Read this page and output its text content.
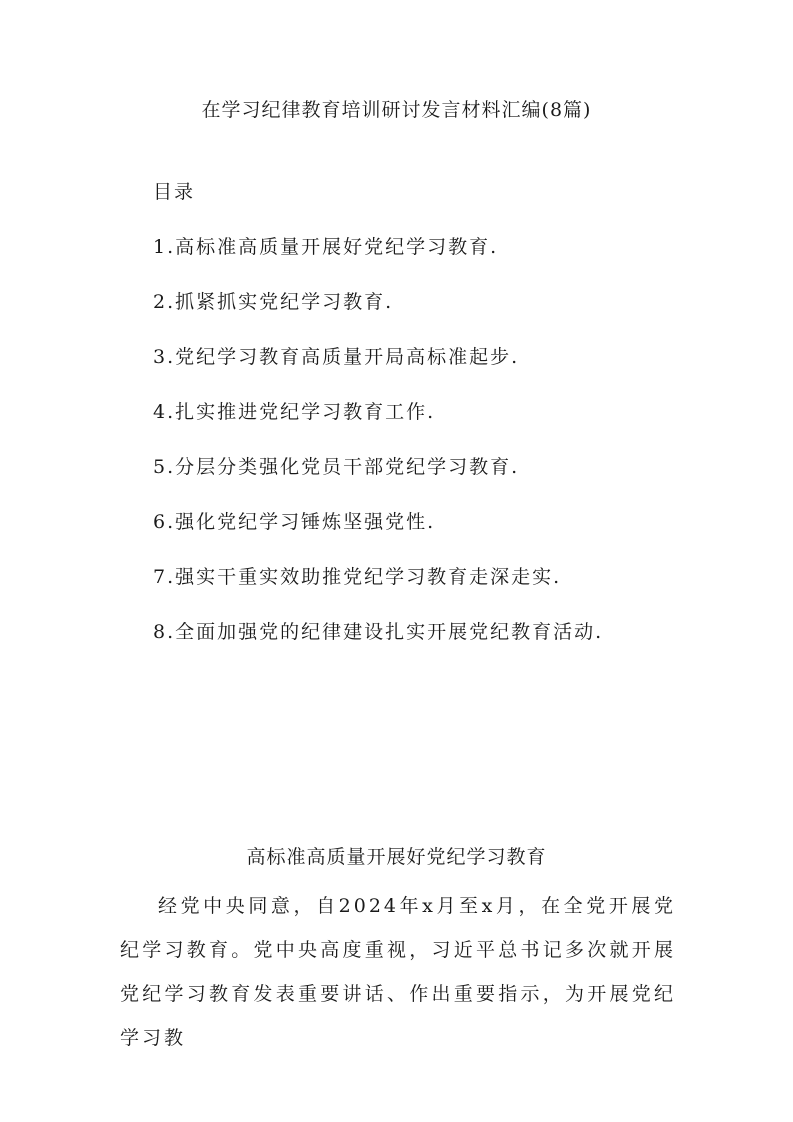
在学习纪律教育培训研讨发言材料汇编(8篇)
目录
1.高标准高质量开展好党纪学习教育.
2.抓紧抓实党纪学习教育.
3.党纪学习教育高质量开局高标准起步.
4.扎实推进党纪学习教育工作.
5.分层分类强化党员干部党纪学习教育.
6.强化党纪学习锤炼坚强党性.
7.强实干重实效助推党纪学习教育走深走实.
8.全面加强党的纪律建设扎实开展党纪教育活动.
高标准高质量开展好党纪学习教育

经党中央同意，自2024年x月至x月，在全党开展党纪学习教育。党中央高度重视，习近平总书记多次就开展党纪学习教育发表重要讲话、作出重要指示，为开展党纪学习教
